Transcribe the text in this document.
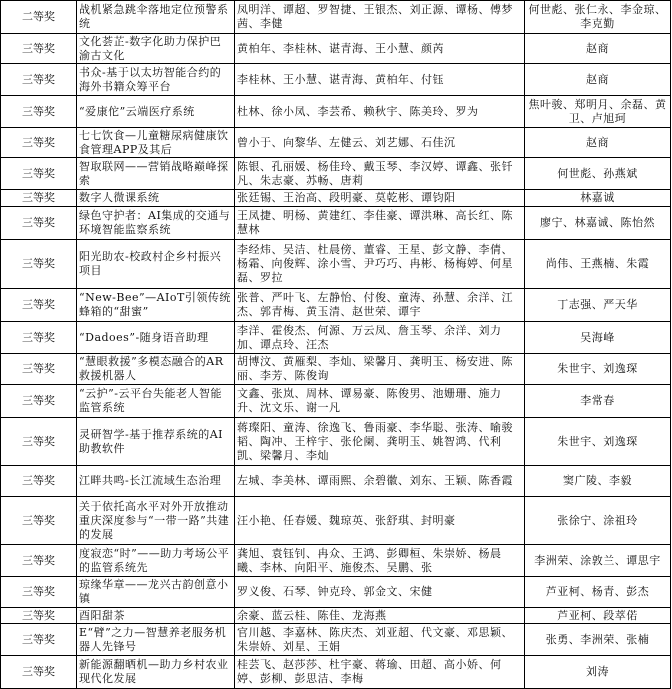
二等奖	战机紧急跳伞落地定位预警系统	凤明洋、谭超、罗智捷、王银杰、刘正源、谭杨、傅梦茜、李健	何世彪、张仁永、李金琼、李克勤
三等奖	文化荟芷-数字化助力保护巴渝古文化	黄柏年、李桂林、谌青海、王小慧、颜芮	赵商
三等奖	书众-基于以太坊智能合约的海外书籍众筹平台	李桂林、王小慧、谌青海、黄柏年、付钰	赵商
三等奖	“爱康佗”云端医疗系统	杜林、徐小凤、李芸希、赖秋宇、陈美玲、罗为	焦叶骏、郑明月、余磊、黄卫、卢旭珂
三等奖	七七饮食—儿童糖尿病健康饮食管理APP及其后	曾小于、向黎华、左健云、刘艺娜、石佳沉	赵商
三等奖	智取联网——营销战略巅峰探索	陈银、孔丽媛、杨佳玲、戴玉琴、李汉婷、谭鑫、张钎凡、朱志豪、苏畅、唐莉	何世彪、孙燕斌
三等奖	数字人微课系统	张廷锡、王治高、段明豪、莫乾彬、谭钧阳	林嘉诚
三等奖	绿色守护者：AI集成的交通与环境智能监察系统	王凤捷、明杨、黄建红、李佳豪、谭洪琳、高长红、陈慧林	廖宁、林嘉诚、陈怡然
三等奖	阳光助农-校政村企乡村振兴项目	李经炜、吴洁、杜晨傍、董睿、王星、彭文静、李倩、杨霜、向俊辉、涂小雪、尹巧巧、冉彬、杨梅婷、何星磊、罗拉	尚伟、王燕楠、朱霞
三等奖	“New-Bee”—AIoT引领传统蜂箱的“甜蜜”	张普、严叶飞、左静怡、付俊、童涛、孙慧、余洋、江杰、郭青梅、黄玉清、赵世荣、谭宇	丁志强、严天华
三等奖	“Dadoes”-随身语音助理	李洋、霍俊杰、何源、万云凤、詹玉琴、余洋、刘力加、谭点玲、汪杰	吴海峰
三等奖	“慧眼救援”多模态融合的AR救援机器人	胡博汶、黄雁梨、李灿、梁馨月、龚明玉、杨安进、陈丽、李芳、陈俊询	朱世宇、刘逸琛
三等奖	“云护”-云平台失能老人智能监管系统	文鑫、张岚、周林、谭易豪、陈俊男、池姗珊、施力升、沈文乐、谢一凡	李常春
三等奖	灵研智学-基于推荐系统的AI助教软件	蒋璨阳、童涛、徐逸飞、鲁雨豪、李华聪、张涛、喻骏韬、陶冲、王梓宇、张伦阑、龚明玉、姚智鸿、代利凯、梁馨月、李灿	朱世宇、刘逸琛
三等奖	江畔共鸣-长江流域生态治理	左城、李美林、谭雨熙、余碧徽、刘东、王颖、陈香霞	窦广陵、李毅
三等奖	关于依托高水平对外开放推动重庆深度参与“一带一路”共建的发展	汪小艳、任春媛、魏琼英、张舒琪、封明豪	张徐宁、涂祖玲
三等奖	度寂恋“时”——助力考场公平的监管系统先	龚旭、袁钰钊、冉众、王鸿、彭卿桓、朱崇娇、杨晨曦、李林、向阳平、施俊杰、吴鹏、张	李洲荣、涂敦兰、谭思宇
三等奖	琼缘华章——龙兴古韵创意小镇	罗义俊、石琴、钟克玲、郭金文、宋健	芦亚柯、杨青、彭杰
三等奖	酉阳甜茶	余豪、蓝云桂、陈佳、龙海燕	芦亚柯、段萃偌
三等奖	E“臂”之力—智慧养老服务机器人先锋号	官川越、李嘉林、陈庆杰、刘亚超、代文豪、邓思颖、朱崇娇、刘星、王娟	张勇、李洲荣、张楠
三等奖	新能源翻晒机—助力乡村农业现代化发展	桂芸飞、赵莎莎、杜宇豪、蒋瑜、田超、高小娇、何婷、彭柳、彭思洁、李梅	刘涛
